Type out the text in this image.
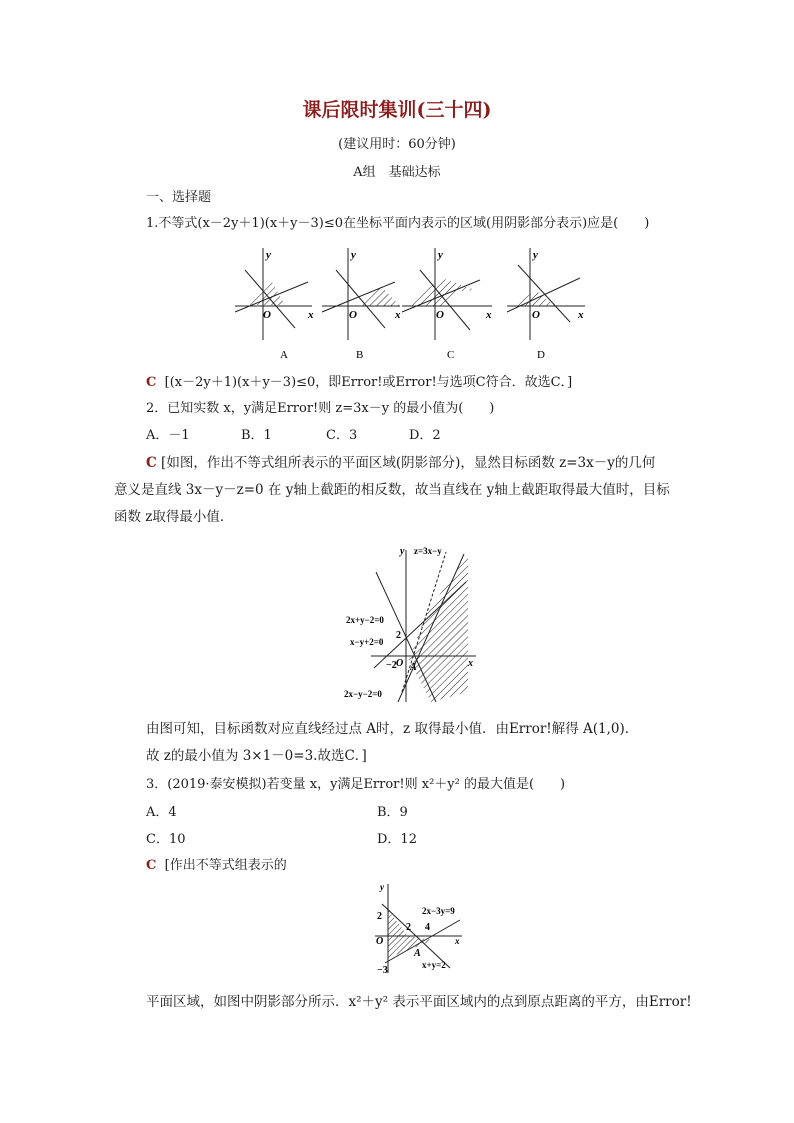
课后限时集训(三十四)
(建议用时：60分钟)
A组　基础达标
一、选择题
1.不等式(x－2y＋1)(x＋y－3)≤0在坐标平面内表示的区域(用阴影部分表示)应是(　　)
y
x
O
y
x
O
y
x
O
y
x
O
A	B	C	D
C [(x－2y＋1)(x＋y－3)≤0，即Error!或Error!与选项C符合．故选C．]
2．已知实数 x，y满足Error!则 z=3x－y 的最小值为(　　)
A．－1	B．1	C．3	D．2
C [如图，作出不等式组所表示的平面区域(阴影部分)，显然目标函数 z=3x－y的几何
意义是直线 3x－y－z=0 在 y轴上截距的相反数，故当直线在 y轴上截距取得最大值时，目标
函数 z取得最小值．
y z=3x−y
x
O
2
−2 A
2x+y−2=0
x−y+2=0
2x−y−2=0
由图可知，目标函数对应直线经过点 A时，z 取得最小值．由Error!解得 A(1,0)．
故 z的最小值为 3×1－0=3.故选C．]
3．(2019·泰安模拟)若变量 x，y满足Error!则 x²＋y² 的最大值是(　　)
A．4	B．9
C．10	D．12
C [作出不等式组表示的
y
x
O
2
2 4
−3
A
2x−3y=9
x+y=2
平面区域，如图中阴影部分所示．x²＋y² 表示平面区域内的点到原点距离的平方，由Error!
